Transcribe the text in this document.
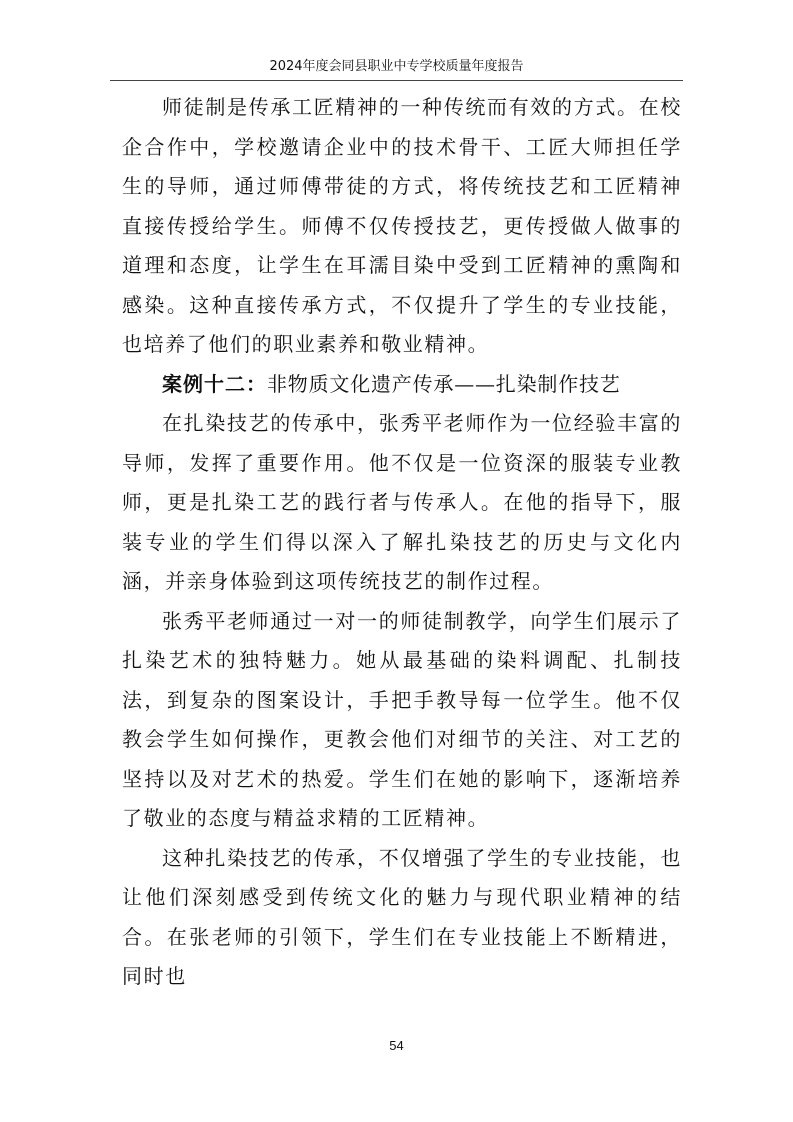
2024年度会同县职业中专学校质量年度报告

师徒制是传承工匠精神的一种传统而有效的方式。在校企合作中，学校邀请企业中的技术骨干、工匠大师担任学生的导师，通过师傅带徒的方式，将传统技艺和工匠精神直接传授给学生。师傅不仅传授技艺，更传授做人做事的道理和态度，让学生在耳濡目染中受到工匠精神的熏陶和感染。这种直接传承方式，不仅提升了学生的专业技能，也培养了他们的职业素养和敬业精神。

案例十二：非物质文化遗产传承——扎染制作技艺

在扎染技艺的传承中，张秀平老师作为一位经验丰富的导师，发挥了重要作用。他不仅是一位资深的服装专业教师，更是扎染工艺的践行者与传承人。在他的指导下，服装专业的学生们得以深入了解扎染技艺的历史与文化内涵，并亲身体验到这项传统技艺的制作过程。

张秀平老师通过一对一的师徒制教学，向学生们展示了扎染艺术的独特魅力。她从最基础的染料调配、扎制技法，到复杂的图案设计，手把手教导每一位学生。他不仅教会学生如何操作，更教会他们对细节的关注、对工艺的坚持以及对艺术的热爱。学生们在她的影响下，逐渐培养了敬业的态度与精益求精的工匠精神。

这种扎染技艺的传承，不仅增强了学生的专业技能，也让他们深刻感受到传统文化的魅力与现代职业精神的结合。在张老师的引领下，学生们在专业技能上不断精进，同时也

54
